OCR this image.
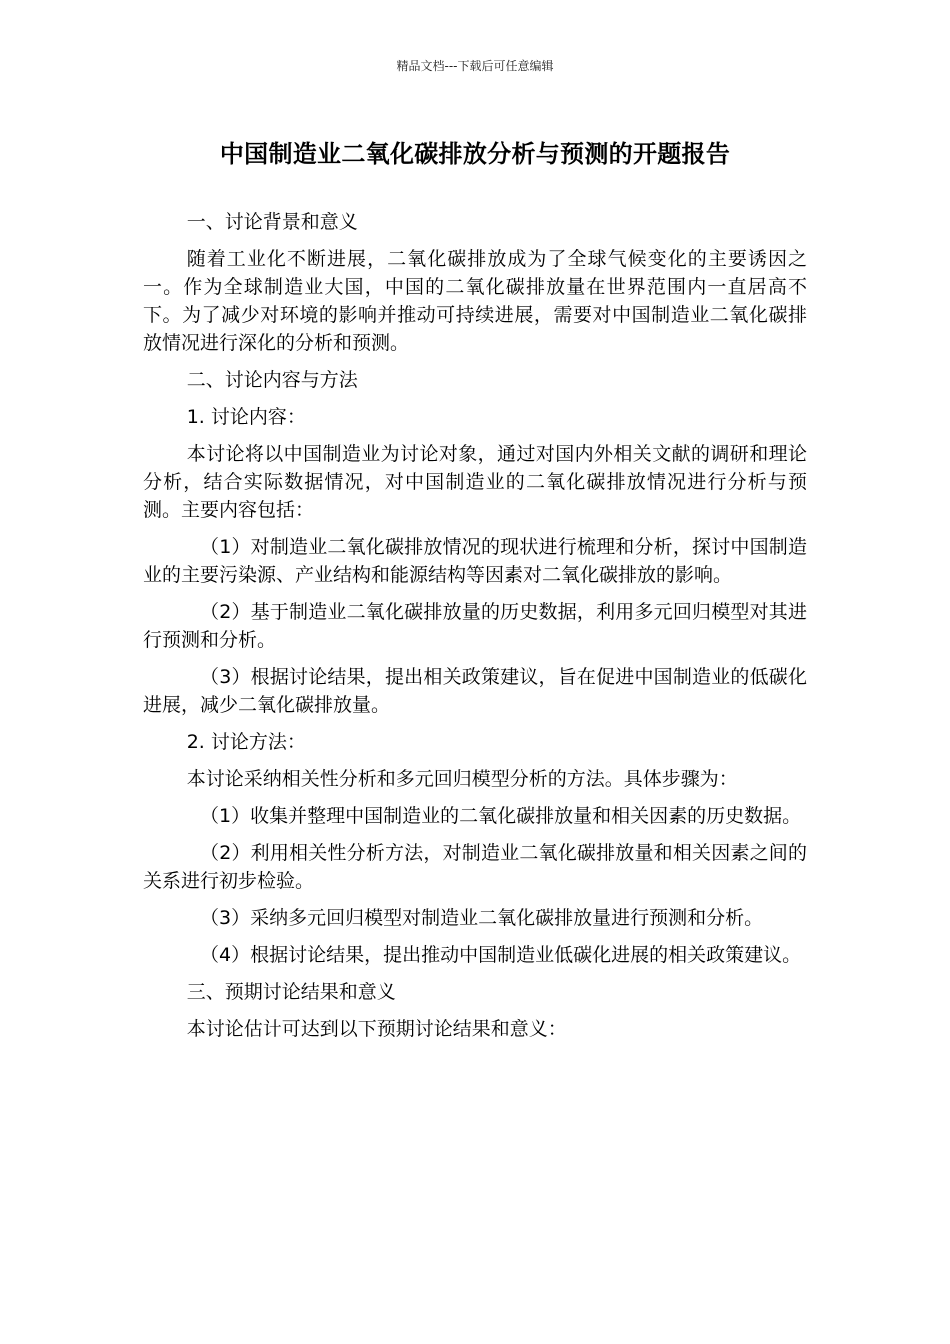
精品文档---下载后可任意编辑
中国制造业二氧化碳排放分析与预测的开题报告

一、讨论背景和意义

随着工业化不断进展，二氧化碳排放成为了全球气候变化的主要诱因之一。作为全球制造业大国，中国的二氧化碳排放量在世界范围内一直居高不下。为了减少对环境的影响并推动可持续进展，需要对中国制造业二氧化碳排放情况进行深化的分析和预测。

二、讨论内容与方法

1. 讨论内容：

本讨论将以中国制造业为讨论对象，通过对国内外相关文献的调研和理论分析，结合实际数据情况，对中国制造业的二氧化碳排放情况进行分析与预测。主要内容包括：

（1）对制造业二氧化碳排放情况的现状进行梳理和分析，探讨中国制造业的主要污染源、产业结构和能源结构等因素对二氧化碳排放的影响。

（2）基于制造业二氧化碳排放量的历史数据，利用多元回归模型对其进行预测和分析。

（3）根据讨论结果，提出相关政策建议，旨在促进中国制造业的低碳化进展，减少二氧化碳排放量。

2. 讨论方法：

本讨论采纳相关性分析和多元回归模型分析的方法。具体步骤为：

（1）收集并整理中国制造业的二氧化碳排放量和相关因素的历史数据。

（2）利用相关性分析方法，对制造业二氧化碳排放量和相关因素之间的关系进行初步检验。

（3）采纳多元回归模型对制造业二氧化碳排放量进行预测和分析。

（4）根据讨论结果，提出推动中国制造业低碳化进展的相关政策建议。

三、预期讨论结果和意义

本讨论估计可达到以下预期讨论结果和意义：
